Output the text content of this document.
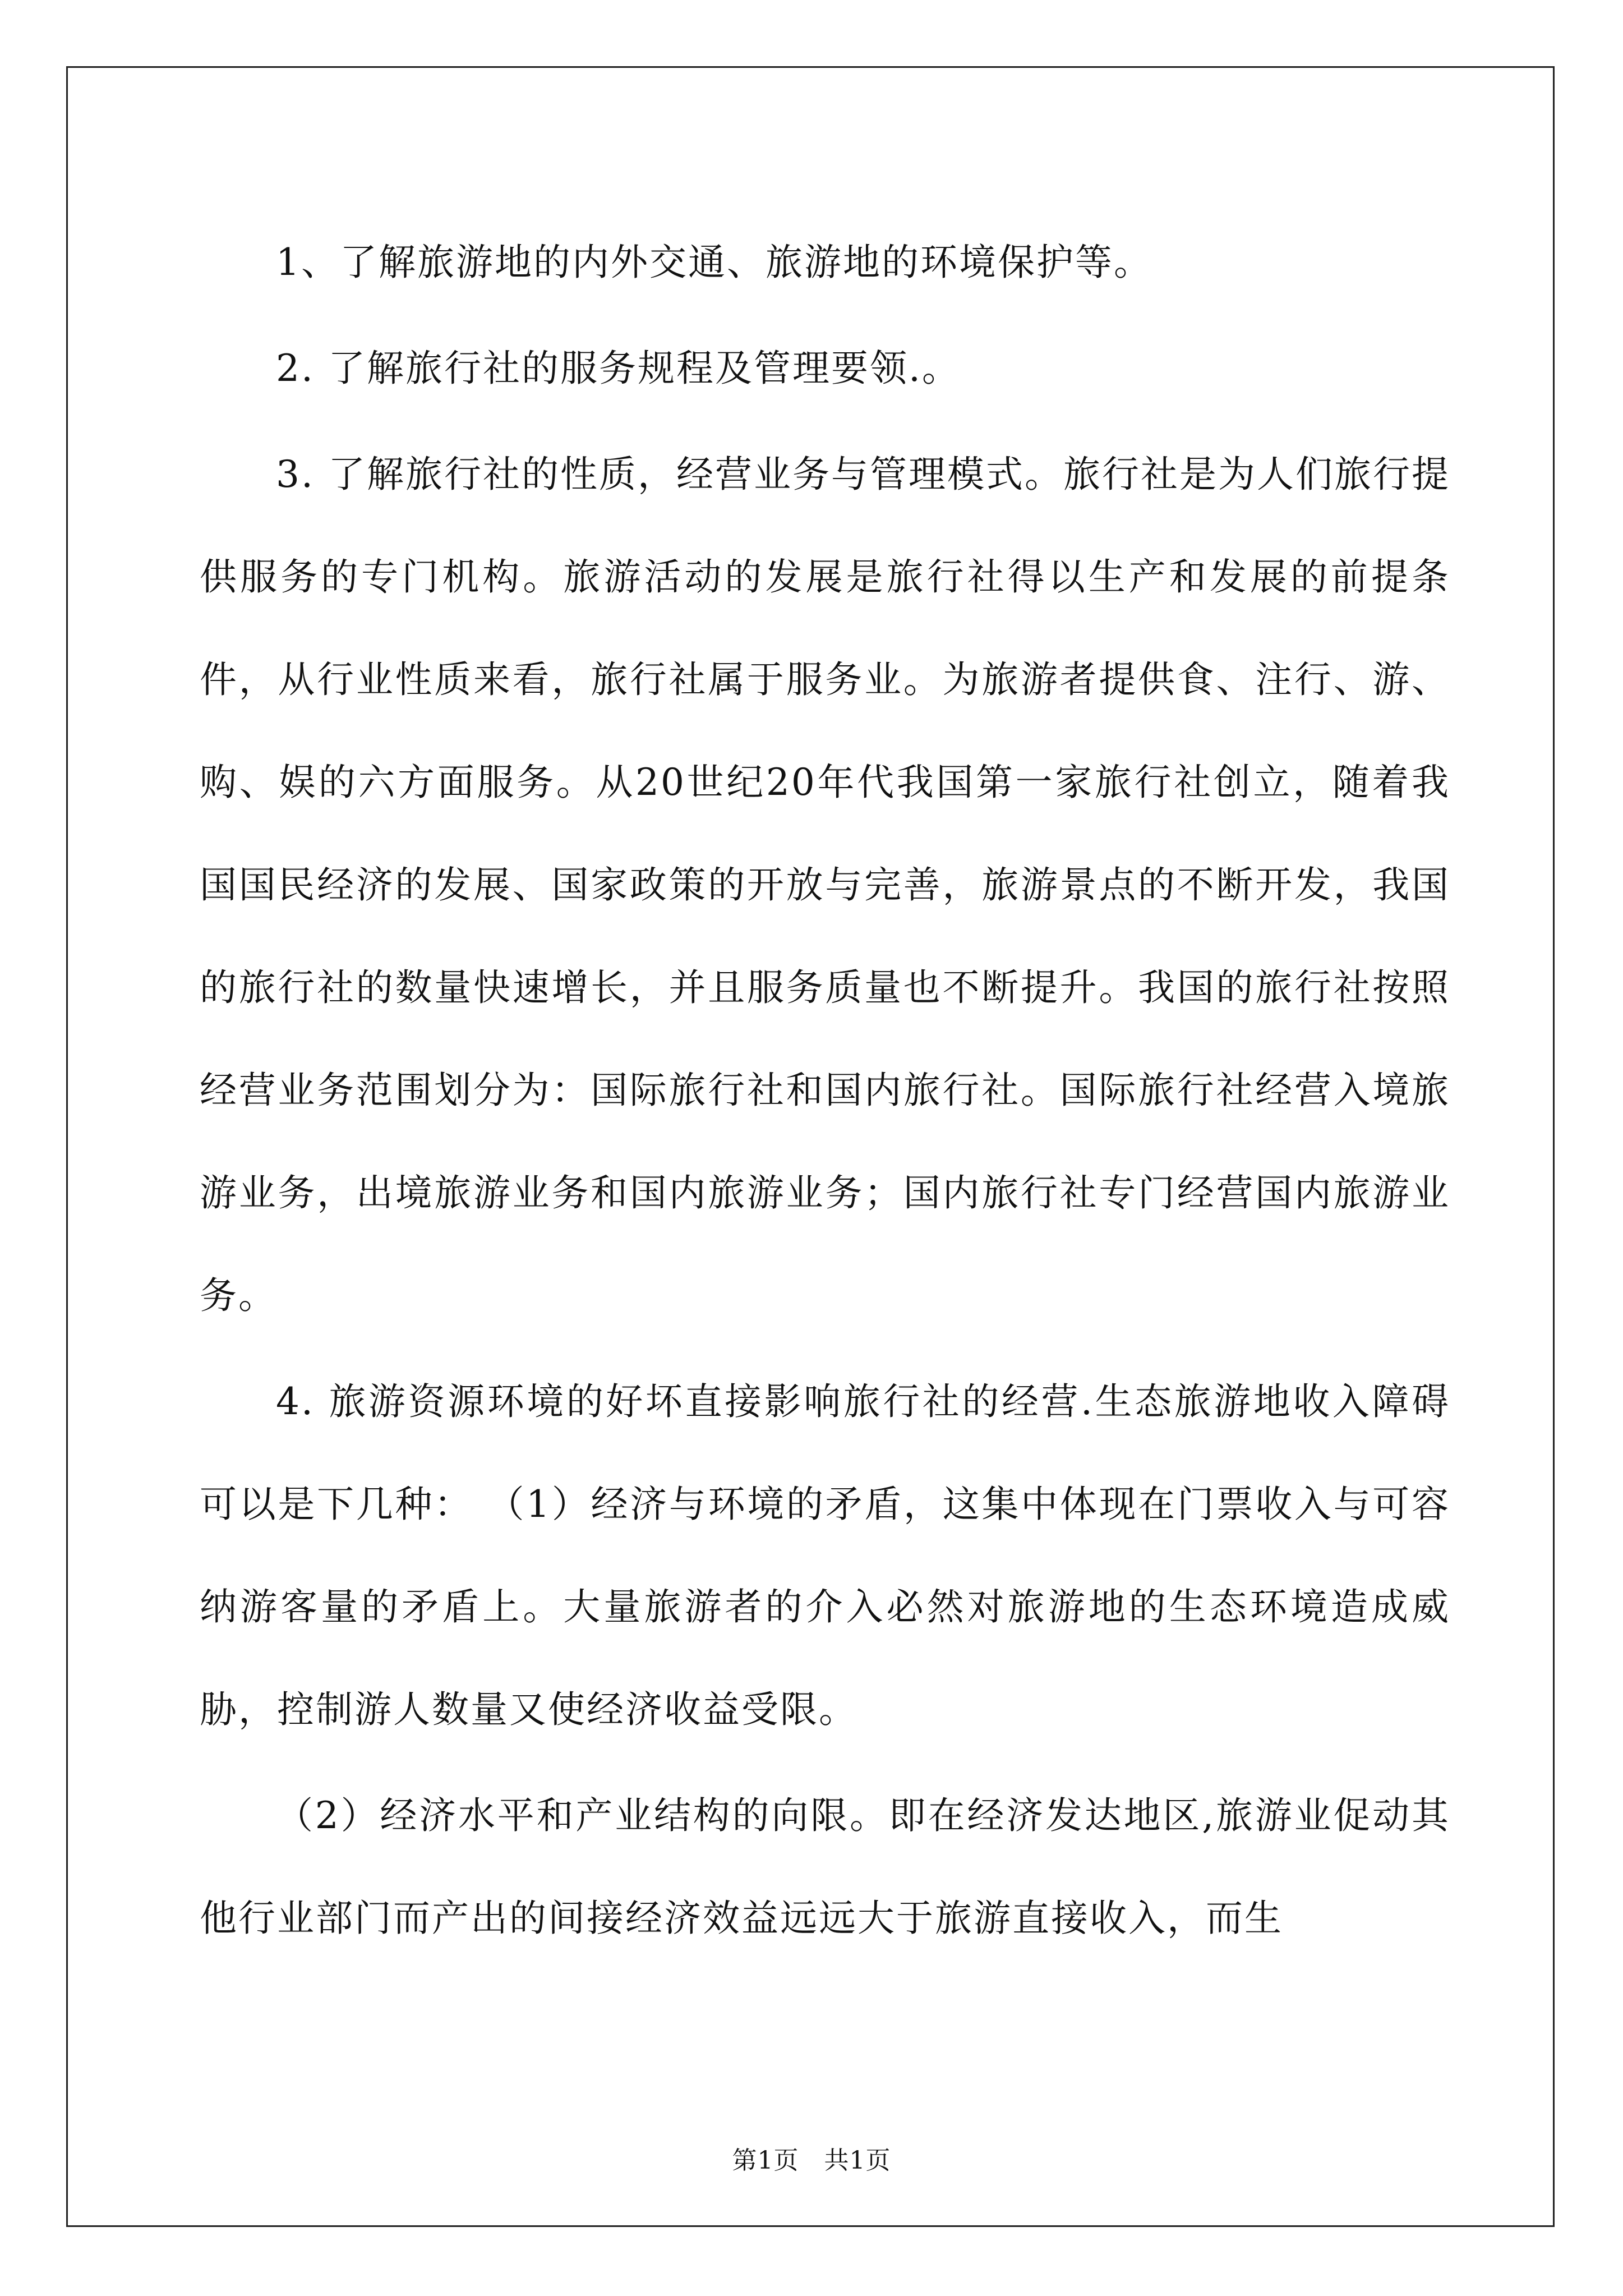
1、了解旅游地的内外交通、旅游地的环境保护等。

2. 了解旅行社的服务规程及管理要领.。

3. 了解旅行社的性质，经营业务与管理模式。旅行社是为人们旅行提供服务的专门机构。旅游活动的发展是旅行社得以生产和发展的前提条件，从行业性质来看，旅行社属于服务业。为旅游者提供食、注行、游、购、娱的六方面服务。从20世纪20年代我国第一家旅行社创立，随着我国国民经济的发展、国家政策的开放与完善，旅游景点的不断开发，我国的旅行社的数量快速增长，并且服务质量也不断提升。我国的旅行社按照经营业务范围划分为：国际旅行社和国内旅行社。国际旅行社经营入境旅游业务，出境旅游业务和国内旅游业务；国内旅行社专门经营国内旅游业务。

4. 旅游资源环境的好坏直接影响旅行社的经营.生态旅游地收入障碍可以是下几种： （1）经济与环境的矛盾，这集中体现在门票收入与可容纳游客量的矛盾上。大量旅游者的介入必然对旅游地的生态环境造成威胁，控制游人数量又使经济收益受限。

（2）经济水平和产业结构的向限。即在经济发达地区,旅游业促动其他行业部门而产出的间接经济效益远远大于旅游直接收入，而生

第1页 共1页
